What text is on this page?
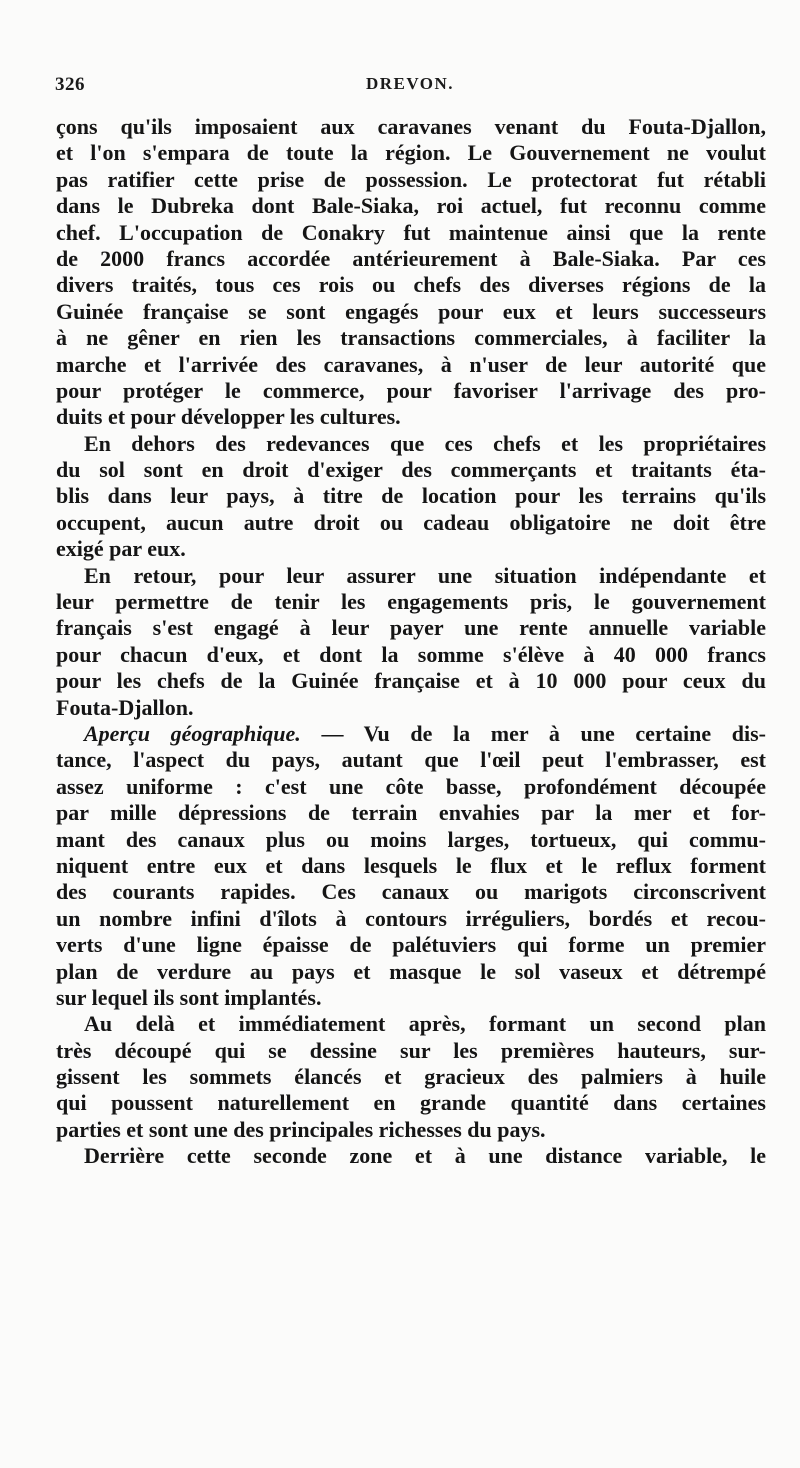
326	DREVON.
çons qu'ils imposaient aux caravanes venant du Fouta-Djallon,
et l'on s'empara de toute la région. Le Gouvernement ne voulut
pas ratifier cette prise de possession. Le protectorat fut rétabli
dans le Dubreka dont Bale-Siaka, roi actuel, fut reconnu comme
chef. L'occupation de Conakry fut maintenue ainsi que la rente
de 2000 francs accordée antérieurement à Bale-Siaka. Par ces
divers traités, tous ces rois ou chefs des diverses régions de la
Guinée française se sont engagés pour eux et leurs successeurs
à ne gêner en rien les transactions commerciales, à faciliter la
marche et l'arrivée des caravanes, à n'user de leur autorité que
pour protéger le commerce, pour favoriser l'arrivage des pro-
duits et pour développer les cultures.
En dehors des redevances que ces chefs et les propriétaires
du sol sont en droit d'exiger des commerçants et traitants éta-
blis dans leur pays, à titre de location pour les terrains qu'ils
occupent, aucun autre droit ou cadeau obligatoire ne doit être
exigé par eux.
En retour, pour leur assurer une situation indépendante et
leur permettre de tenir les engagements pris, le gouvernement
français s'est engagé à leur payer une rente annuelle variable
pour chacun d'eux, et dont la somme s'élève à 40 000 francs
pour les chefs de la Guinée française et à 10 000 pour ceux du
Fouta-Djallon.
Aperçu géographique. — Vu de la mer à une certaine dis-
tance, l'aspect du pays, autant que l'œil peut l'embrasser, est
assez uniforme : c'est une côte basse, profondément découpée
par mille dépressions de terrain envahies par la mer et for-
mant des canaux plus ou moins larges, tortueux, qui commu-
niquent entre eux et dans lesquels le flux et le reflux forment
des courants rapides. Ces canaux ou marigots circonscrivent
un nombre infini d'îlots à contours irréguliers, bordés et recou-
verts d'une ligne épaisse de palétuviers qui forme un premier
plan de verdure au pays et masque le sol vaseux et détrempé
sur lequel ils sont implantés.
Au delà et immédiatement après, formant un second plan
très découpé qui se dessine sur les premières hauteurs, sur-
gissent les sommets élancés et gracieux des palmiers à huile
qui poussent naturellement en grande quantité dans certaines
parties et sont une des principales richesses du pays.
Derrière cette seconde zone et à une distance variable, le
